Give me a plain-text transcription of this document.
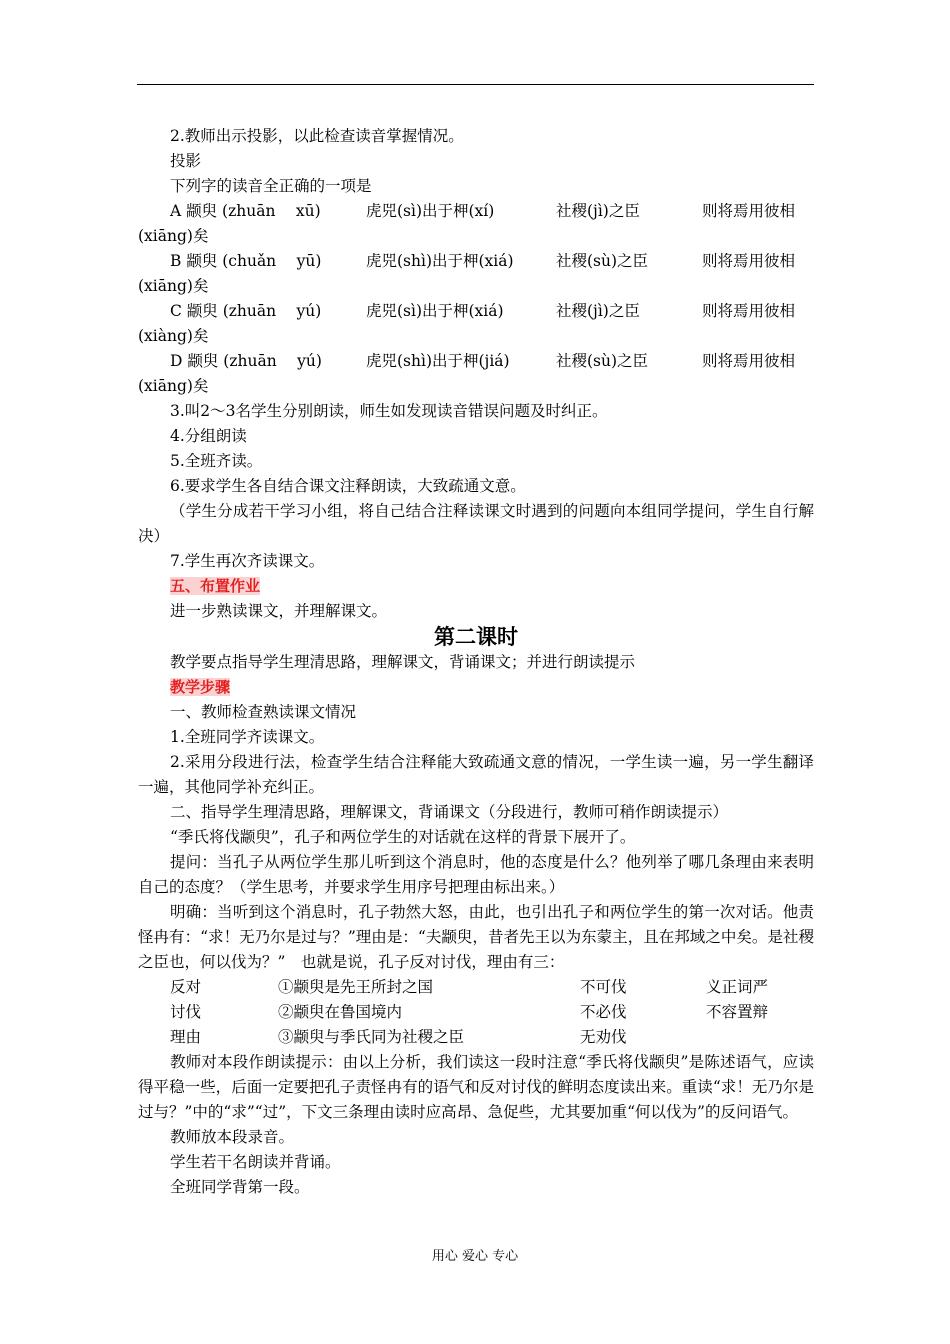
2.教师出示投影，以此检查读音掌握情况。

投影

下列字的读音全正确的一项是

A 颛臾 (zhuān　 xū)	虎兕(sì)出于柙(xí)	社稷(jì)之臣	则将焉用彼相

(xiāng)矣

B 颛臾 (chuǎn　 yū)	虎兕(shì)出于柙(xiá)	社稷(sù)之臣	则将焉用彼相

(xiāng)矣

C 颛臾 (zhuān　 yú)	虎兕(sì)出于柙(xiá)	社稷(jì)之臣	则将焉用彼相

(xiàng)矣

D 颛臾 (zhuān　 yú)	虎兕(shì)出于柙(jiá)	社稷(sù)之臣	则将焉用彼相

(xiāng)矣

3.叫2～3名学生分别朗读，师生如发现读音错误问题及时纠正。

4.分组朗读

5.全班齐读。

6.要求学生各自结合课文注释朗读，大致疏通文意。

（学生分成若干学习小组，将自己结合注释读课文时遇到的问题向本组同学提问，学生自行解决）

7.学生再次齐读课文。

五、布置作业

进一步熟读课文，并理解课文。

第二课时

教学要点指导学生理清思路，理解课文，背诵课文；并进行朗读提示

教学步骤

一、教师检查熟读课文情况

1.全班同学齐读课文。

2.采用分段进行法，检查学生结合注释能大致疏通文意的情况，一学生读一遍，另一学生翻译一遍，其他同学补充纠正。

二、指导学生理清思路，理解课文，背诵课文（分段进行，教师可稍作朗读提示）

“季氏将伐颛臾”，孔子和两位学生的对话就在这样的背景下展开了。

提问：当孔子从两位学生那儿听到这个消息时，他的态度是什么？他列举了哪几条理由来表明自己的态度？（学生思考，并要求学生用序号把理由标出来。）

明确：当听到这个消息时，孔子勃然大怒，由此，也引出孔子和两位学生的第一次对话。他责怪冉有：“求！无乃尔是过与？”理由是：“夫颛臾，昔者先王以为东蒙主，且在邦域之中矣。是社稷之臣也，何以伐为？”　也就是说，孔子反对讨伐，理由有三：

反对	①颛臾是先王所封之国	不可伐	义正词严
讨伐	②颛臾在鲁国境内	不必伐	不容置辩
理由	③颛臾与季氏同为社稷之臣	无劝伐

教师对本段作朗读提示：由以上分析，我们读这一段时注意“季氏将伐颛臾”是陈述语气，应读得平稳一些，后面一定要把孔子责怪冉有的语气和反对讨伐的鲜明态度读出来。重读“求！无乃尔是过与？”中的“求”“过”，下文三条理由读时应高昂、急促些，尤其要加重“何以伐为”的反问语气。

教师放本段录音。

学生若干名朗读并背诵。

全班同学背第一段。

用心 爱心 专心
